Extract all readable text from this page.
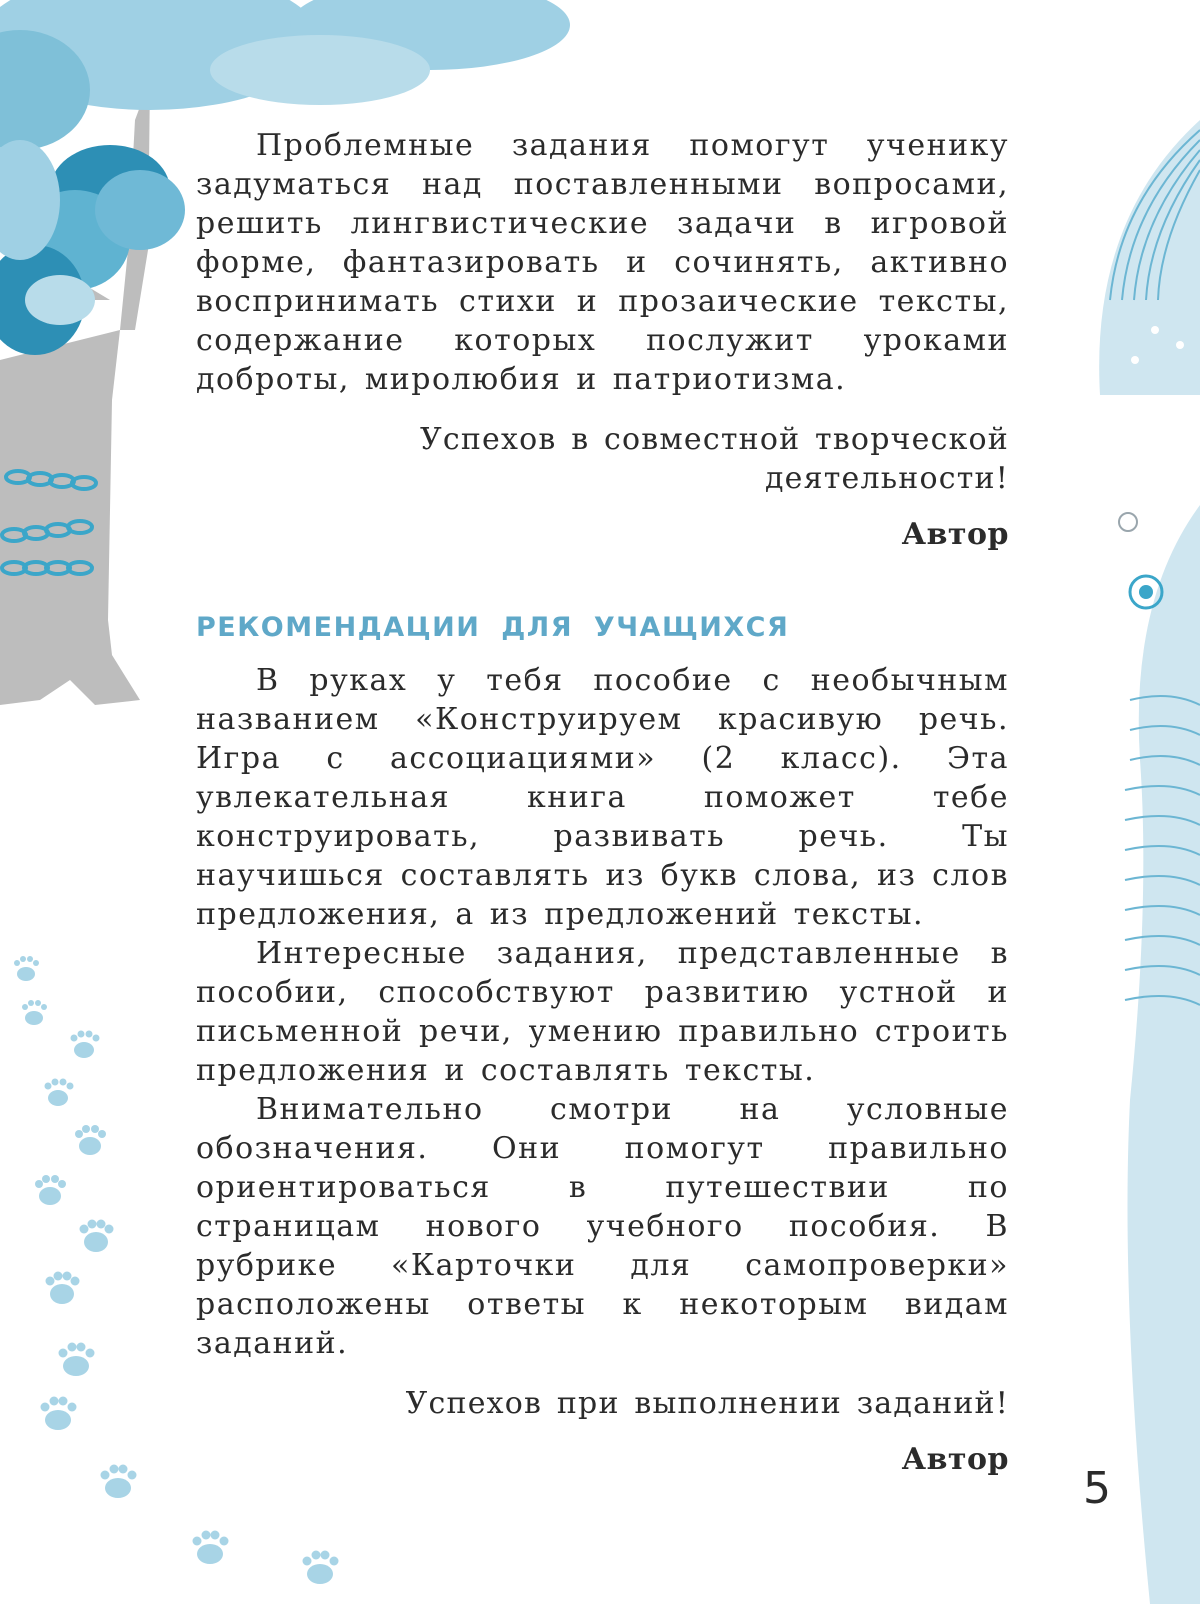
Проблемные задания помогут ученику задуматься над поставленными вопросами, решить лингвистические задачи в игровой форме, фантазировать и сочинять, активно воспринимать стихи и прозаические тексты, содержание которых послужит уроками доброты, миролюбия и патриотизма.

Успехов в совместной творческой

деятельности!

Автор

РЕКОМЕНДАЦИИ ДЛЯ УЧАЩИХСЯ

В руках у тебя пособие с необычным названием «Конструируем красивую речь. Игра с ассоциациями» (2 класс). Эта увлекательная книга поможет тебе конструировать, развивать речь. Ты научишься составлять из букв слова, из слов предложения, а из предложений тексты.

Интересные задания, представленные в пособии, способствуют развитию устной и письменной речи, умению правильно строить предложения и составлять тексты.

Внимательно смотри на условные обозначения. Они помогут правильно ориентироваться в путешествии по страницам нового учебного пособия. В рубрике «Карточки для самопроверки» расположены ответы к некоторым видам заданий.

Успехов при выполнении заданий!

Автор

5
